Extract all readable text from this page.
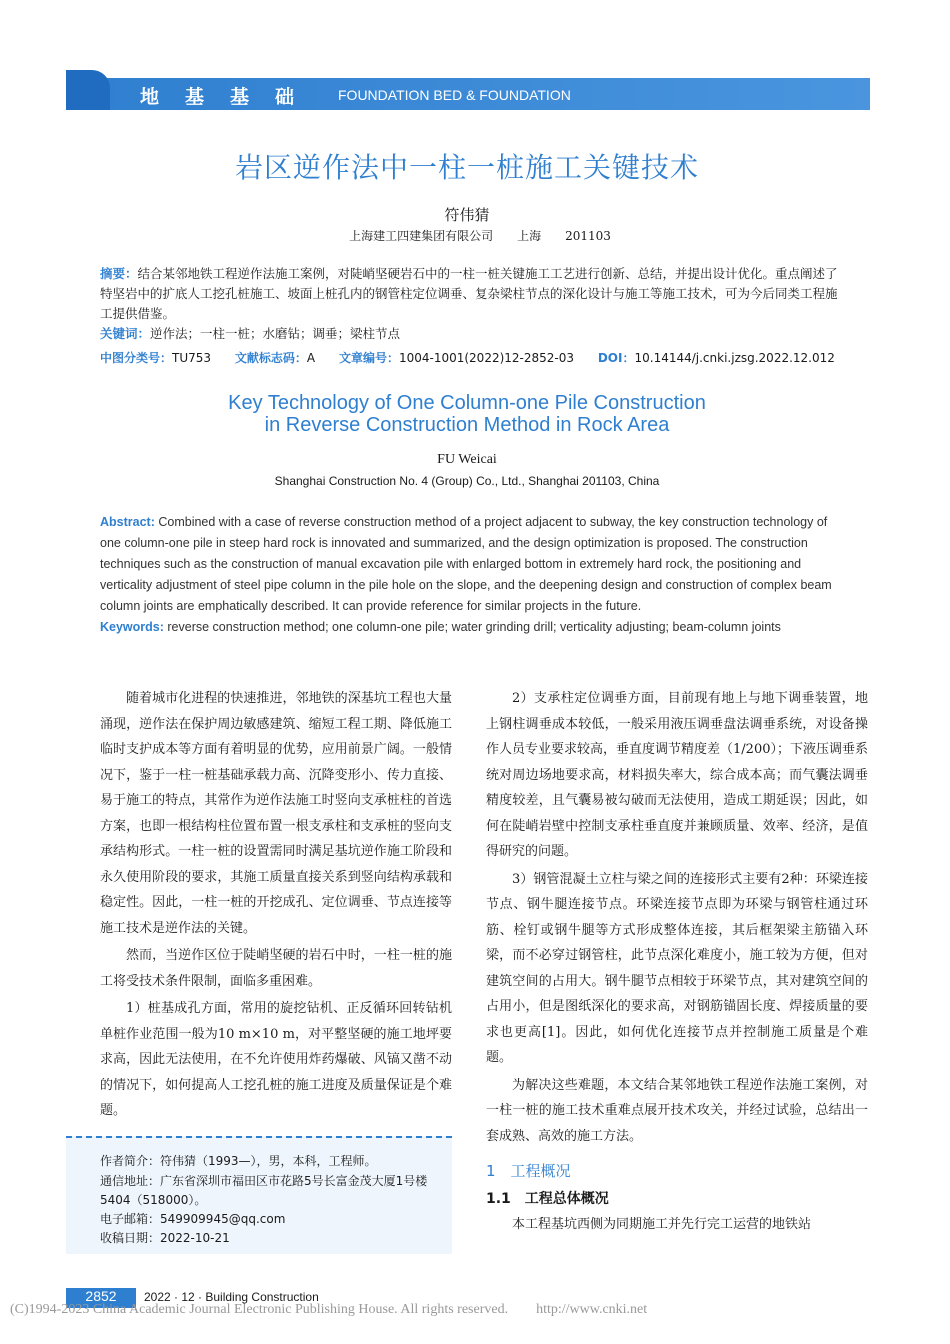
地基基础 FOUNDATION BED & FOUNDATION
岩区逆作法中一柱一桩施工关键技术
符伟猜
上海建工四建集团有限公司　　上海　　201103
摘要：结合某邻地铁工程逆作法施工案例，对陡峭坚硬岩石中的一柱一桩关键施工工艺进行创新、总结，并提出设计优化。重点阐述了特坚岩中的扩底人工挖孔桩施工、坡面上桩孔内的钢管柱定位调垂、复杂梁柱节点的深化设计与施工等施工技术，可为今后同类工程施工提供借鉴。
关键词：逆作法；一柱一桩；水磨钻；调垂；梁柱节点
中图分类号：TU753 文献标志码：A 文章编号：1004-1001(2022)12-2852-03 DOI：10.14144/j.cnki.jzsg.2022.12.012
Key Technology of One Column-one Pile Construction
in Reverse Construction Method in Rock Area
FU Weicai
Shanghai Construction No. 4 (Group) Co., Ltd., Shanghai 201103, China
Abstract: Combined with a case of reverse construction method of a project adjacent to subway, the key construction technology of one column-one pile in steep hard rock is innovated and summarized, and the design optimization is proposed. The construction techniques such as the construction of manual excavation pile with enlarged bottom in extremely hard rock, the positioning and verticality adjustment of steel pipe column in the pile hole on the slope, and the deepening design and construction of complex beam column joints are emphatically described. It can provide reference for similar projects in the future.
Keywords: reverse construction method; one column-one pile; water grinding drill; verticality adjusting; beam-column joints

随着城市化进程的快速推进，邻地铁的深基坑工程也大量涌现，逆作法在保护周边敏感建筑、缩短工程工期、降低施工临时支护成本等方面有着明显的优势，应用前景广阔。一般情况下，鉴于一柱一桩基础承载力高、沉降变形小、传力直接、易于施工的特点，其常作为逆作法施工时竖向支承桩柱的首选方案，也即一根结构柱位置布置一根支承柱和支承桩的竖向支承结构形式。一柱一桩的设置需同时满足基坑逆作施工阶段和永久使用阶段的要求，其施工质量直接关系到竖向结构承载和稳定性。因此，一柱一桩的开挖成孔、定位调垂、节点连接等施工技术是逆作法的关键。

然而，当逆作区位于陡峭坚硬的岩石中时，一柱一桩的施工将受技术条件限制，面临多重困难。

1）桩基成孔方面，常用的旋挖钻机、正反循环回转钻机单桩作业范围一般为10 m×10 m，对平整坚硬的施工地坪要求高，因此无法使用，在不允许使用炸药爆破、风镐又凿不动的情况下，如何提高人工挖孔桩的施工进度及质量保证是个难题。

2）支承柱定位调垂方面，目前现有地上与地下调垂装置，地上钢柱调垂成本较低，一般采用液压调垂盘法调垂系统，对设备操作人员专业要求较高，垂直度调节精度差（1/200）；下液压调垂系统对周边场地要求高，材料损失率大，综合成本高；而气囊法调垂精度较差，且气囊易被勾破而无法使用，造成工期延误；因此，如何在陡峭岩壁中控制支承柱垂直度并兼顾质量、效率、经济，是值得研究的问题。

3）钢管混凝土立柱与梁之间的连接形式主要有2种：环梁连接节点、钢牛腿连接节点。环梁连接节点即为环梁与钢管柱通过环筋、栓钉或钢牛腿等方式形成整体连接，其后框架梁主筋锚入环梁，而不必穿过钢管柱，此节点深化难度小，施工较为方便，但对建筑空间的占用大。钢牛腿节点相较于环梁节点，其对建筑空间的占用小，但是图纸深化的要求高，对钢筋锚固长度、焊接质量的要求也更高[1]。因此，如何优化连接节点并控制施工质量是个难题。

为解决这些难题，本文结合某邻地铁工程逆作法施工案例，对一柱一桩的施工技术重难点展开技术攻关，并经过试验，总结出一套成熟、高效的施工方法。

1　工程概况
1.1　工程总体概况

本工程基坑西侧为同期施工并先行完工运营的地铁站

作者简介：符伟猜（1993—），男，本科，工程师。
通信地址：广东省深圳市福田区市花路5号长富金茂大厦1号楼5404（518000）。
电子邮箱：549909945@qq.com
收稿日期：2022-10-21
2852	2022 · 12 · Building Construction
(C)1994-2023 China Academic Journal Electronic Publishing House. All rights reserved.　　http://www.cnki.net
